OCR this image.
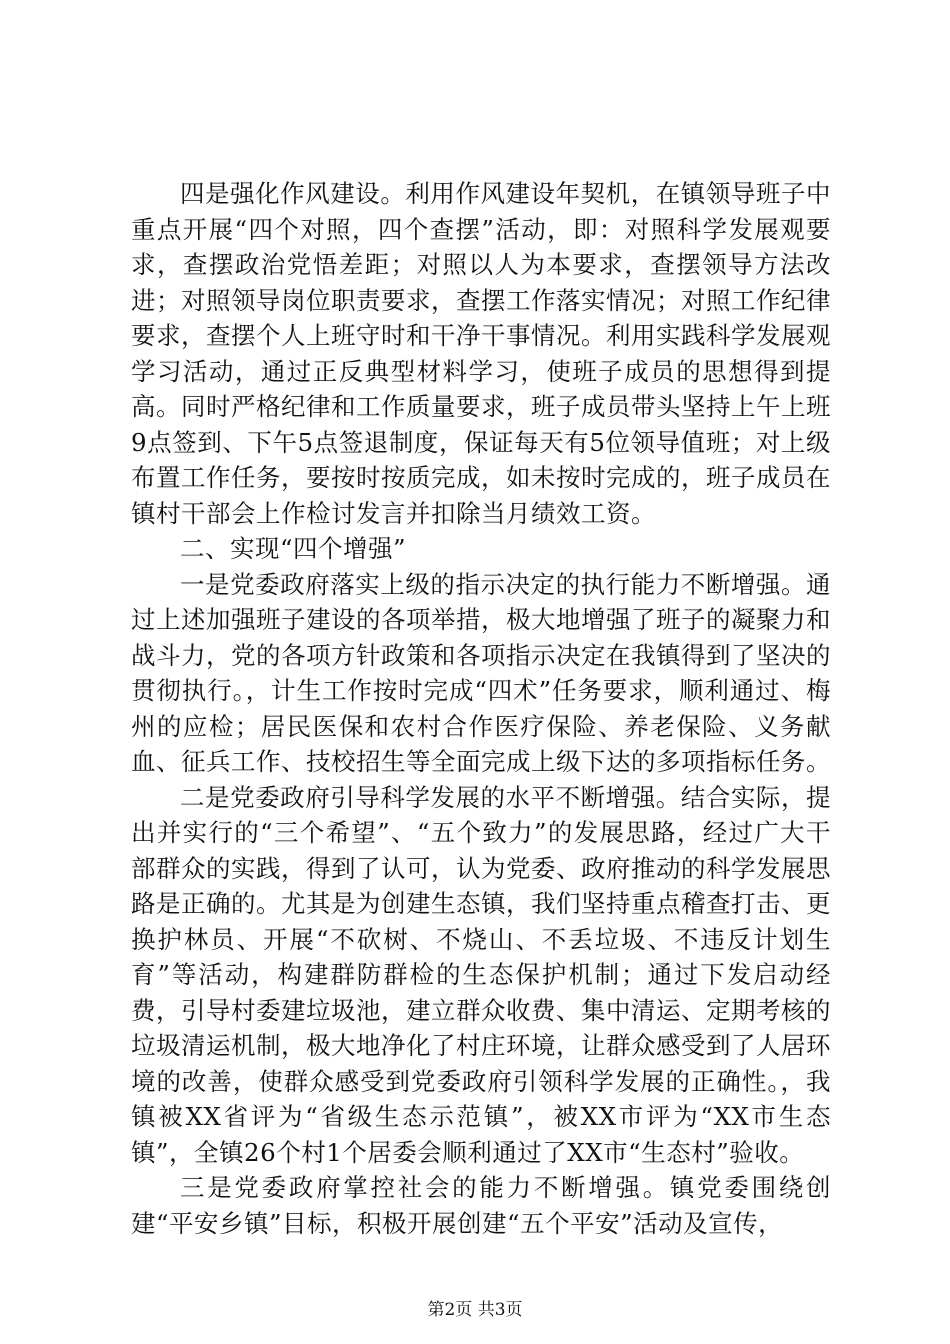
四是强化作风建设。利用作风建设年契机，在镇领导班子中重点开展“四个对照，四个查摆”活动，即：对照科学发展观要求，查摆政治党悟差距；对照以人为本要求，查摆领导方法改进；对照领导岗位职责要求，查摆工作落实情况；对照工作纪律要求，查摆个人上班守时和干净干事情况。利用实践科学发展观学习活动，通过正反典型材料学习，使班子成员的思想得到提高。同时严格纪律和工作质量要求，班子成员带头坚持上午上班9点签到、下午5点签退制度，保证每天有5位领导值班；对上级布置工作任务，要按时按质完成，如未按时完成的，班子成员在镇村干部会上作检讨发言并扣除当月绩效工资。

二、实现“四个增强”

一是党委政府落实上级的指示决定的执行能力不断增强。通过上述加强班子建设的各项举措，极大地增强了班子的凝聚力和战斗力，党的各项方针政策和各项指示决定在我镇得到了坚决的贯彻执行。，计生工作按时完成“四术”任务要求，顺利通过、梅州的应检；居民医保和农村合作医疗保险、养老保险、义务献血、征兵工作、技校招生等全面完成上级下达的多项指标任务。

二是党委政府引导科学发展的水平不断增强。结合实际，提出并实行的“三个希望”、“五个致力”的发展思路，经过广大干部群众的实践，得到了认可，认为党委、政府推动的科学发展思路是正确的。尤其是为创建生态镇，我们坚持重点稽查打击、更换护林员、开展“不砍树、不烧山、不丢垃圾、不违反计划生育”等活动，构建群防群检的生态保护机制；通过下发启动经费，引导村委建垃圾池，建立群众收费、集中清运、定期考核的垃圾清运机制，极大地净化了村庄环境，让群众感受到了人居环境的改善，使群众感受到党委政府引领科学发展的正确性。，我镇被XX省评为“省级生态示范镇”，被XX市评为“XX市生态镇”，全镇26个村1个居委会顺利通过了XX市“生态村”验收。

三是党委政府掌控社会的能力不断增强。镇党委围绕创建“平安乡镇”目标，积极开展创建“五个平安”活动及宣传，

第2页 共3页
